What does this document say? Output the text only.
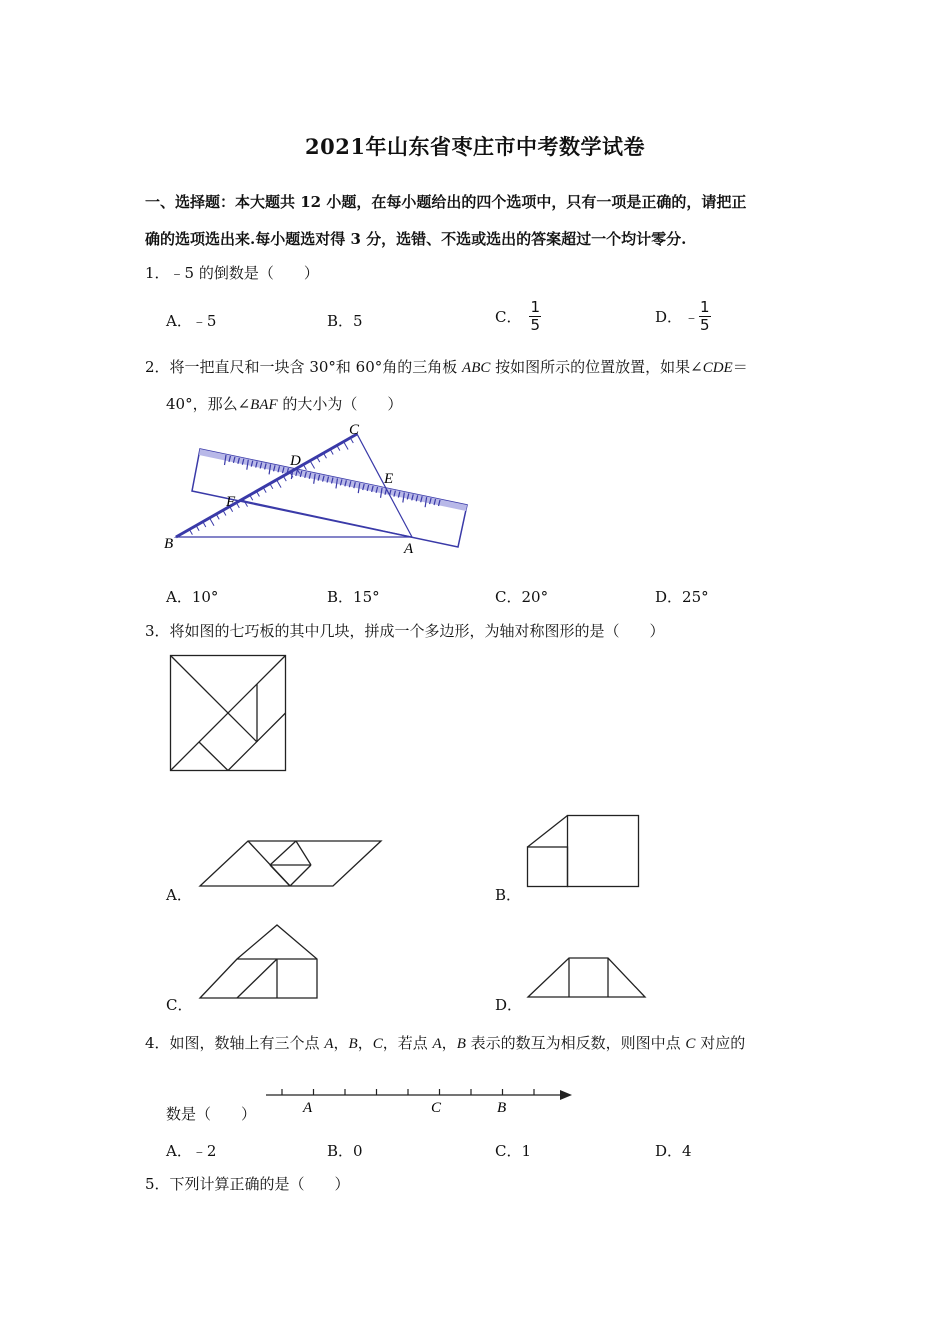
2021年山东省枣庄市中考数学试卷
一、选择题：本大题共 12 小题，在每小题给出的四个选项中，只有一项是正确的，请把正
确的选项选出来.每小题选对得 3 分，选错、不选或选出的答案超过一个均计零分.
1．﹣5 的倒数是（　　）
A．﹣5	B．5	C． $\frac{1}{5}$	D． ﹣ $\frac{1}{5}$
2．将一把直尺和一块含 30°和 60°角的三角板 ABC 按如图所示的位置放置，如果∠CDE＝
40°，那么∠BAF 的大小为（　　）
C
D
E
F
B	A
A．10°	B．15°	C．20°	D．25°
3．将如图的七巧板的其中几块，拼成一个多边形，为轴对称图形的是（　　）
A．	B．
C．	D．
4．如图，数轴上有三个点 A，B，C，若点 A，B 表示的数互为相反数，则图中点 C 对应的
数是（　　）	A	C	B
A．﹣2	B．0	C．1	D．4
5．下列计算正确的是（　　）
